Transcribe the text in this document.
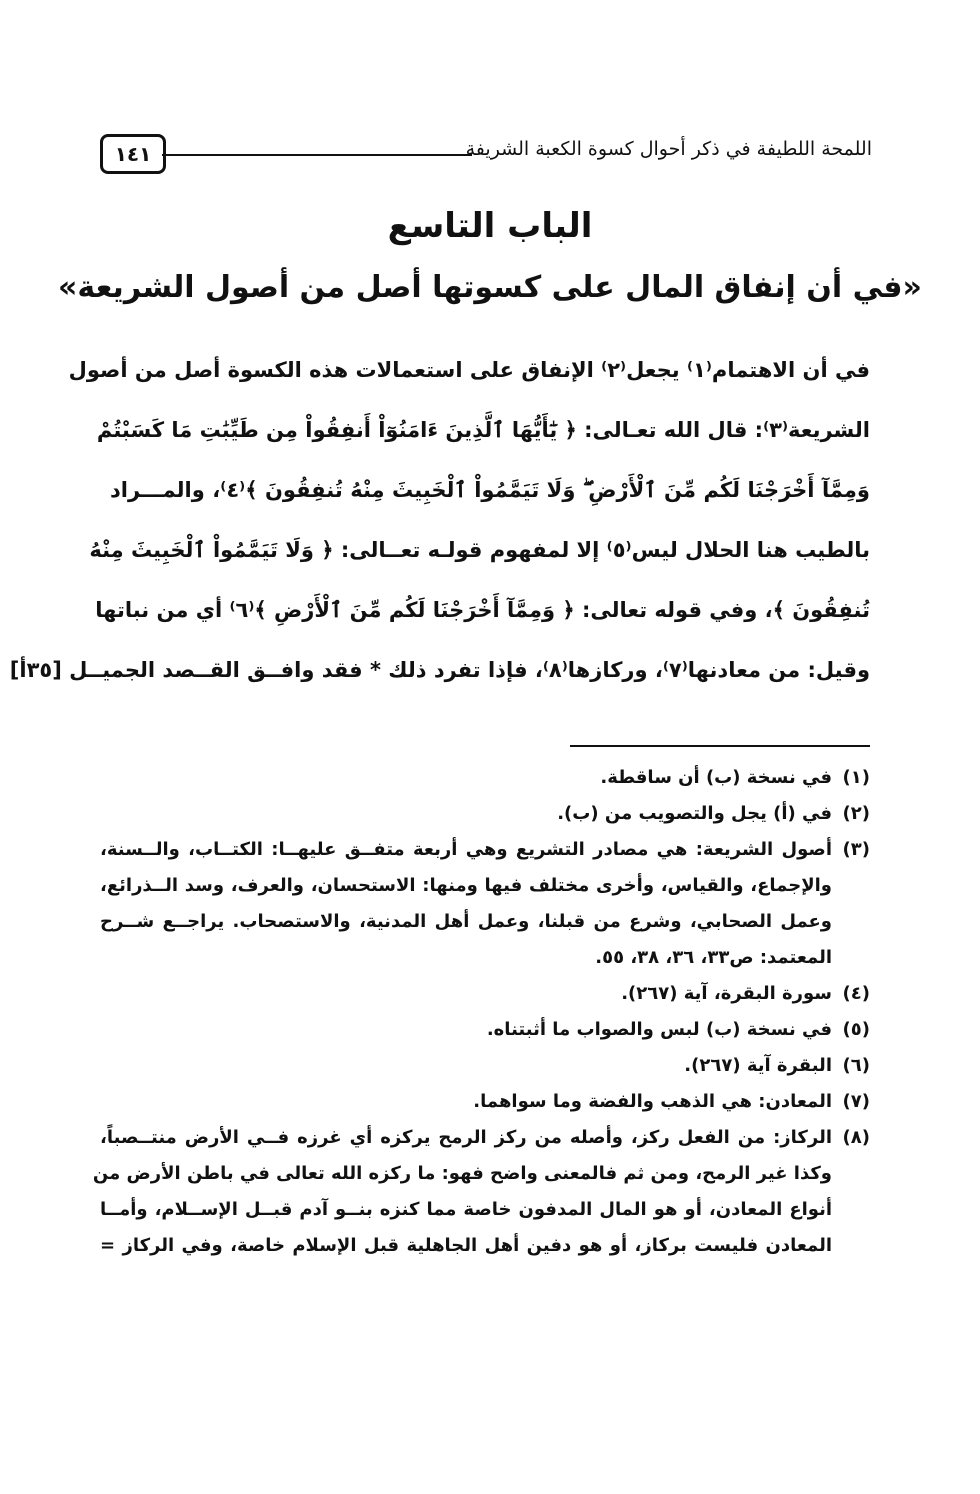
اللمحة اللطيفة في ذكر أحوال كسوة الكعبة الشريفة
١٤١
الباب التاسع
«في أن إنفاق المال على كسوتها أصل من أصول الشريعة»
في أن الاهتمام⁽١⁾ يجعل⁽٢⁾ الإنفاق على استعمالات هذه الكسوة أصل من أصول
الشريعة⁽٣⁾: قال الله تعـالى: ﴿ يَٰٓأَيُّهَا ٱلَّذِينَ ءَامَنُوٓاْ أَنفِقُواْ مِن طَيِّبَٰتِ مَا كَسَبْتُمْ
وَمِمَّآ أَخْرَجْنَا لَكُم مِّنَ ٱلْأَرْضِ ۖ وَلَا تَيَمَّمُواْ ٱلْخَبِيثَ مِنْهُ تُنفِقُونَ ﴾⁽٤⁾، والمـــراد
بالطيب هنا الحلال ليس⁽٥⁾ إلا لمفهوم قولـه تعــالى: ﴿ وَلَا تَيَمَّمُواْ ٱلْخَبِيثَ مِنْهُ
تُنفِقُونَ ﴾، وفي قوله تعالى: ﴿ وَمِمَّآ أَخْرَجْنَا لَكُم مِّنَ ٱلْأَرْضِ ﴾⁽٦⁾ أي من نباتها
وقيل: من معادنها⁽٧⁾، وركازها⁽٨⁾، فإذا تفرد ذلك * فقد وافــق القــصد الجميــل [٣٥أ]
(١)
في نسخة (ب) أن ساقطة.
(٢)
في (أ) يجل والتصويب من (ب).
(٣)
أصول الشريعة: هي مصادر التشريع وهي أربعة متفــق عليهــا: الكتــاب، والــسنة،
والإجماع، والقياس، وأخرى مختلف فيها ومنها: الاستحسان، والعرف، وسد الــذرائع،
وعمل الصحابي، وشرع من قبلنا، وعمل أهل المدنية، والاستصحاب. يراجــع شــرح
المعتمد: ص٣٣، ٣٦، ٣٨، ٥٥.
(٤)
سورة البقرة، آية (٢٦٧).
(٥)
في نسخة (ب) لبس والصواب ما أثبتناه.
(٦)
البقرة آية (٢٦٧).
(٧)
المعادن: هي الذهب والفضة وما سواهما.
(٨)
الركاز: من الفعل ركز، وأصله من ركز الرمح يركزه أي غرزه فــي الأرض منتــصباً،
وكذا غير الرمح، ومن ثم فالمعنى واضح فهو: ما ركزه الله تعالى في باطن الأرض من
أنواع المعادن، أو هو المال المدفون خاصة مما كنزه بنــو آدم قبــل الإســلام، وأمــا
المعادن فليست بركاز، أو هو دفين أهل الجاهلية قبل الإسلام خاصة، وفي الركاز =
